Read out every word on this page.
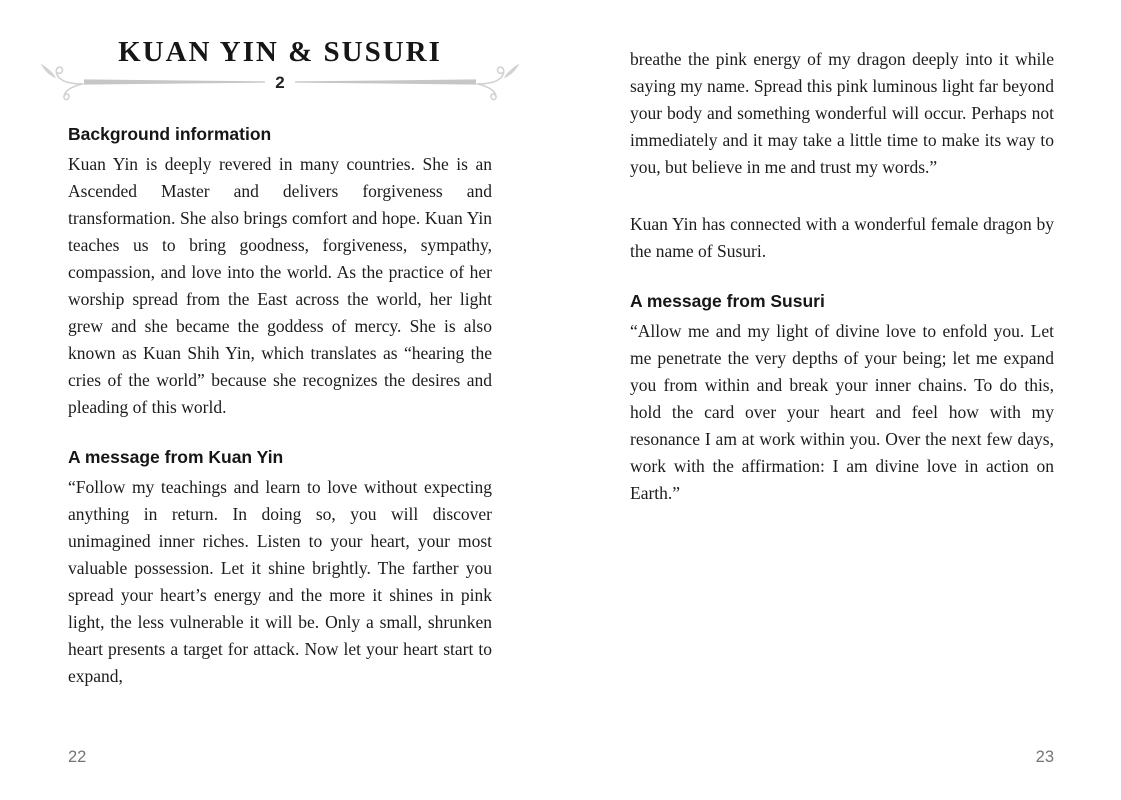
KUAN YIN & SUSURI
2
Background information

Kuan Yin is deeply revered in many countries. She is an Ascended Master and delivers forgiveness and transformation. She also brings comfort and hope. Kuan Yin teaches us to bring goodness, forgiveness, sympathy, compassion, and love into the world. As the practice of her worship spread from the East across the world, her light grew and she became the goddess of mercy. She is also known as Kuan Shih Yin, which translates as “hearing the cries of the world” because she recognizes the desires and pleading of this world.

A message from Kuan Yin

“Follow my teachings and learn to love without expecting anything in return. In doing so, you will discover unimagined inner riches. Listen to your heart, your most valuable possession. Let it shine brightly. The farther you spread your heart’s energy and the more it shines in pink light, the less vulnerable it will be. Only a small, shrunken heart presents a target for attack. Now let your heart start to expand,

breathe the pink energy of my dragon deeply into it while saying my name. Spread this pink luminous light far beyond your body and something wonderful will occur. Perhaps not immediately and it may take a little time to make its way to you, but believe in me and trust my words.”

Kuan Yin has connected with a wonderful female dragon by the name of Susuri.

A message from Susuri

“Allow me and my light of divine love to enfold you. Let me penetrate the very depths of your being; let me expand you from within and break your inner chains. To do this, hold the card over your heart and feel how with my resonance I am at work within you. Over the next few days, work with the affirmation: I am divine love in action on Earth.”

22	23
